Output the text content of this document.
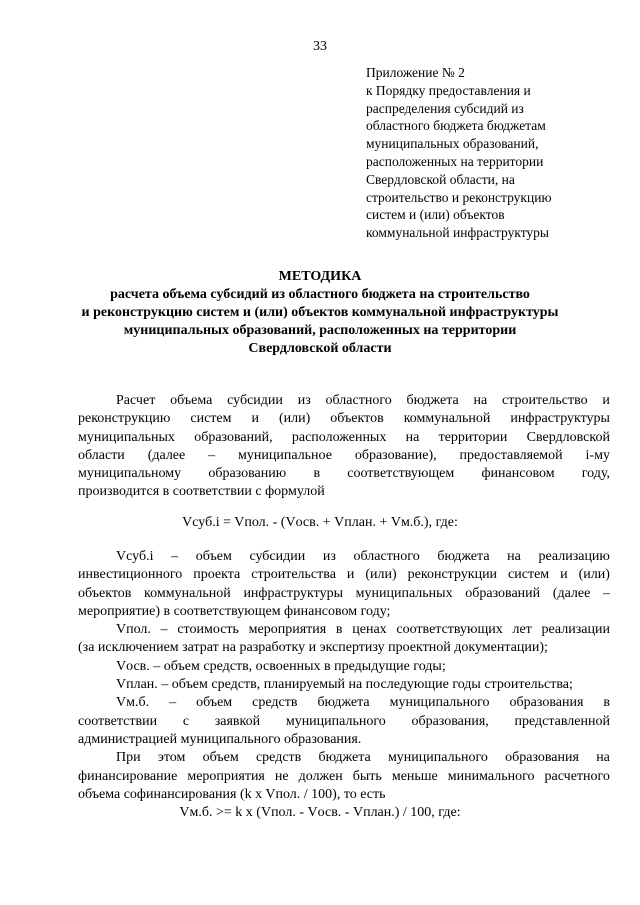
33
Приложение № 2
к Порядку предоставления и
распределения субсидий из
областного бюджета бюджетам
муниципальных образований,
расположенных на территории
Свердловской области, на
строительство и реконструкцию
систем и (или) объектов
коммунальной инфраструктуры
МЕТОДИКА
расчета объема субсидий из областного бюджета на строительство
и реконструкцию систем и (или) объектов коммунальной инфраструктуры
муниципальных образований, расположенных на территории
Свердловской области
Расчет объема субсидии из областного бюджета на строительство и
реконструкцию систем и (или) объектов коммунальной инфраструктуры
муниципальных образований, расположенных на территории Свердловской
области (далее – муниципальное образование), предоставляемой i-му
муниципальному образованию в соответствующем финансовом году,
производится в соответствии с формулой
Vсуб.i = Vпол. - (Vосв. + Vплан. + Vм.б.), где:
Vсуб.i – объем субсидии из областного бюджета на реализацию
инвестиционного проекта строительства и (или) реконструкции систем и (или)
объектов коммунальной инфраструктуры муниципальных образований (далее –
мероприятие) в соответствующем финансовом году;
Vпол. – стоимость мероприятия в ценах соответствующих лет реализации
(за исключением затрат на разработку и экспертизу проектной документации);
Vосв. – объем средств, освоенных в предыдущие годы;
Vплан. – объем средств, планируемый на последующие годы строительства;
Vм.б. – объем средств бюджета муниципального образования в
соответствии с заявкой муниципального образования, представленной
администрацией муниципального образования.
При этом объем средств бюджета муниципального образования на
финансирование мероприятия не должен быть меньше минимального расчетного
объема софинансирования (k x Vпол. / 100), то есть
Vм.б. >= k x (Vпол. - Vосв. - Vплан.) / 100, где:
